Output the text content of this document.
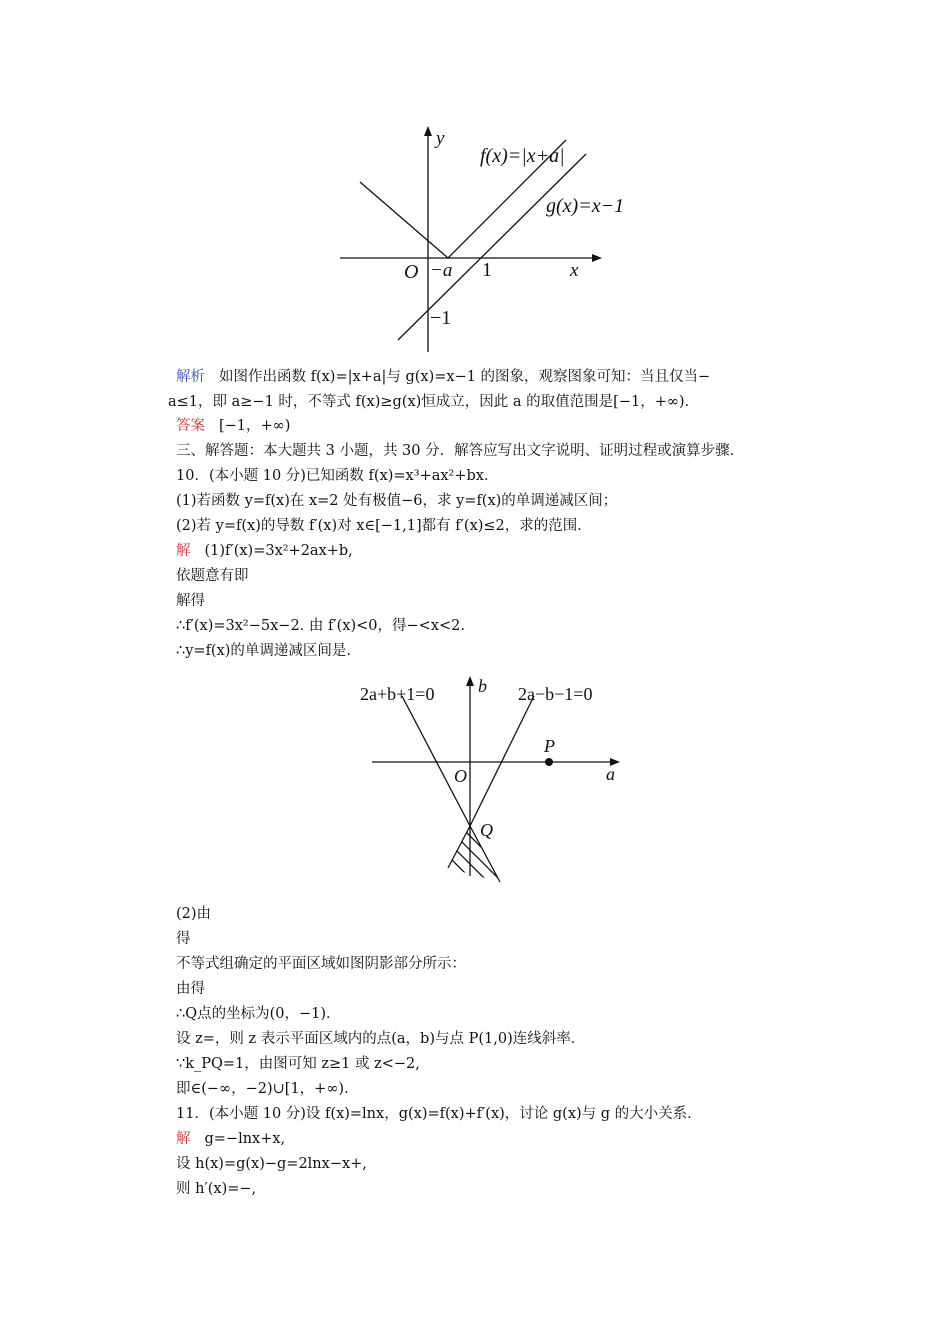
y
f(x)=|x+a|
g(x)=x−1
O −a 1	x
−1
解析 如图作出函数 f(x)=|x+a|与 g(x)=x−1 的图象，观察图象可知：当且仅当−
a≤1，即 a≥−1 时，不等式 f(x)≥g(x)恒成立，因此 a 的取值范围是[−1，+∞)．
答案 [−1，+∞)
三、解答题：本大题共 3 小题，共 30 分．解答应写出文字说明、证明过程或演算步骤．
10．(本小题 10 分)已知函数 f(x)=x³+ax²+bx.
(1)若函数 y=f(x)在 x=2 处有极值−6，求 y=f(x)的单调递减区间；
(2)若 y=f(x)的导数 f′(x)对 x∈[−1,1]都有 f′(x)≤2，求的范围．
解 (1)f′(x)=3x²+2ax+b,
依题意有即
解得
∴f′(x)=3x²−5x−2. 由 f′(x)<0，得−<x<2.
∴y=f(x)的单调递减区间是.
2a+b+1=0	2a−b−1=0
b
P
O	a
Q
(2)由
得
不等式组确定的平面区域如图阴影部分所示：
由得
∴Q点的坐标为(0，−1)．
设 z=，则 z 表示平面区域内的点(a，b)与点 P(1,0)连线斜率．
∵k_PQ=1，由图可知 z≥1 或 z<−2,
即∈(−∞，−2)∪[1，+∞)．
11．(本小题 10 分)设 f(x)=lnx，g(x)=f(x)+f′(x)，讨论 g(x)与 g 的大小关系．
解 g=−lnx+x,
设 h(x)=g(x)−g=2lnx−x+,
则 h′(x)=−,
